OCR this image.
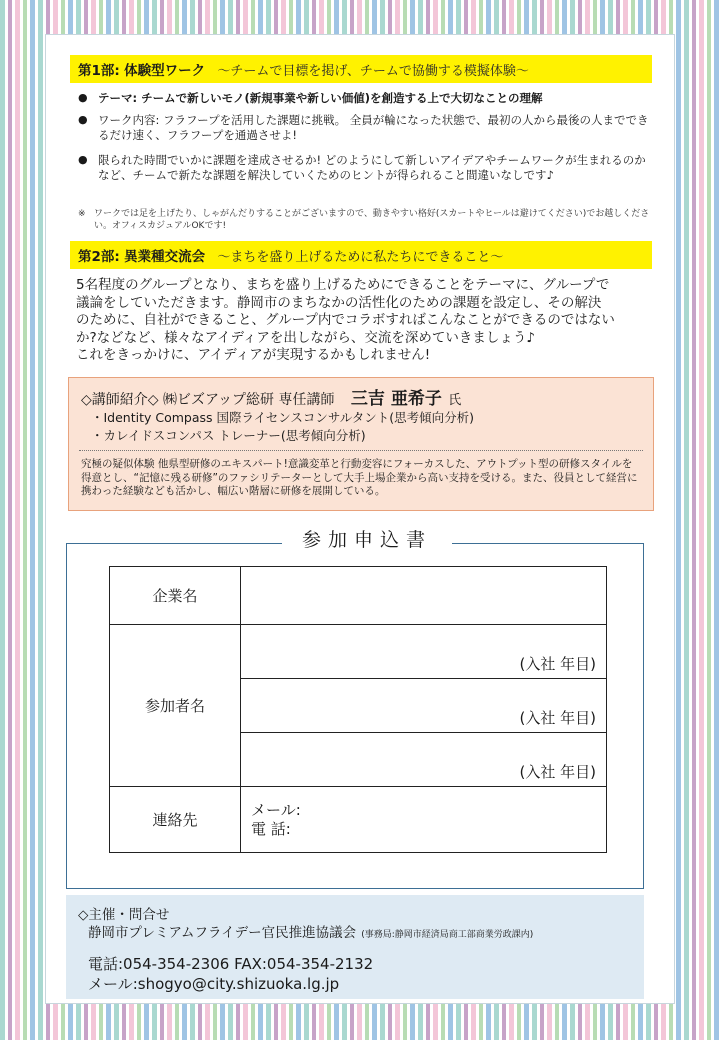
第1部: 体験型ワーク ～チームで目標を掲げ、チームで協働する模擬体験～
● テーマ: チームで新しいモノ(新規事業や新しい価値)を創造する上で大切なことの理解
● ワーク内容: フラフープを活用した課題に挑戦。 全員が輪になった状態で、最初の人から最後の人までできるだけ速く、フラフープを通過させよ!
● 限られた時間でいかに課題を達成させるか! どのようにして新しいアイデアやチームワークが生まれるのかなど、チームで新たな課題を解決していくためのヒントが得られること間違いなしです♪
※ ワークでは足を上げたり、しゃがんだりすることがございますので、動きやすい格好(スカートやヒールは避けてください)でお越しください。オフィスカジュアルOKです!
第2部: 異業種交流会 ～まちを盛り上げるために私たちにできること～
5名程度のグループとなり、まちを盛り上げるためにできることをテーマに、グループで
議論をしていただきます。静岡市のまちなかの活性化のための課題を設定し、その解決
のために、自社ができること、グループ内でコラボすればこんなことができるのではない
か?などなど、様々なアイディアを出しながら、交流を深めていきましょう♪
これをきっかけに、アイディアが実現するかもしれません!
◇講師紹介◇ ㈱ビズアップ総研 専任講師 三吉 亜希子 氏
・Identity Compass 国際ライセンスコンサルタント(思考傾向分析)
・カレイドスコンパス トレーナー(思考傾向分析)
究極の疑似体験 他県型研修のエキスパート!意識変革と行動変容にフォーカスした、アウトプット型の研修スタイルを得意とし、“記憶に残る研修”のファシリテーターとして大手上場企業から高い支持を受ける。また、役員として経営に携わった経験なども活かし、幅広い階層に研修を展開している。
参加申込書
企業名	
参加者名	(入社 年目)
	(入社 年目)
	(入社 年目)
連絡先	メール:
電 話:
◇主催・問合せ
静岡市プレミアムフライデー官民推進協議会 (事務局:静岡市経済局商工部商業労政課内)
電話:054-354-2306 FAX:054-354-2132
メール:shogyo@city.shizuoka.lg.jp
